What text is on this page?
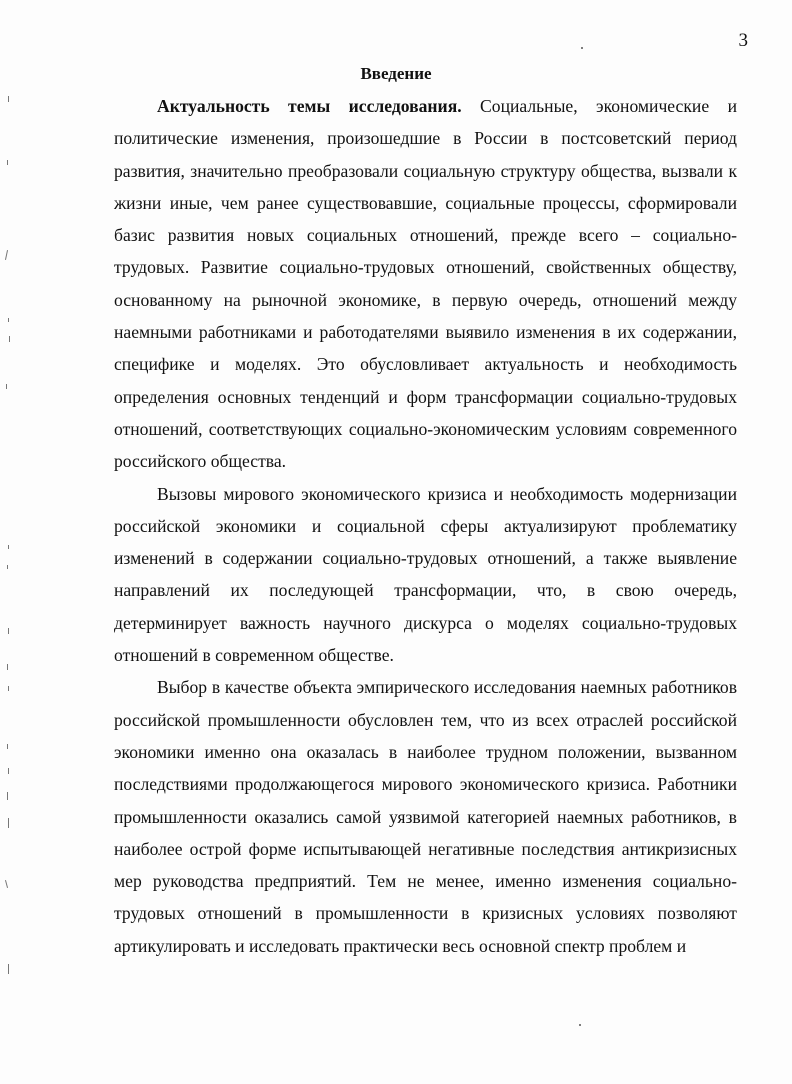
3
Введение

Актуальность темы исследования. Социальные, экономические и политические изменения, произошедшие в России в постсоветский период развития, значительно преобразовали социальную структуру общества, вызвали к жизни иные, чем ранее существовавшие, социальные процессы, сформировали базис развития новых социальных отношений, прежде всего – социально-трудовых. Развитие социально-трудовых отношений, свойственных обществу, основанному на рыночной экономике, в первую очередь, отношений между наемными работниками и работодателями выявило изменения в их содержании, специфике и моделях. Это обусловливает актуальность и необходимость определения основных тенденций и форм трансформации социально-трудовых отношений, соответствующих социально-экономическим условиям современного российского общества.

Вызовы мирового экономического кризиса и необходимость модернизации российской экономики и социальной сферы актуализируют проблематику изменений в содержании социально-трудовых отношений, а также выявление направлений их последующей трансформации, что, в свою очередь, детерминирует важность научного дискурса о моделях социально-трудовых отношений в современном обществе.

Выбор в качестве объекта эмпирического исследования наемных работников российской промышленности обусловлен тем, что из всех отраслей российской экономики именно она оказалась в наиболее трудном положении, вызванном последствиями продолжающегося мирового экономического кризиса. Работники промышленности оказались самой уязвимой категорией наемных работников, в наиболее острой форме испытывающей негативные последствия антикризисных мер руководства предприятий. Тем не менее, именно изменения социально-трудовых отношений в промышленности в кризисных условиях позволяют артикулировать и исследовать практически весь основной спектр проблем и
